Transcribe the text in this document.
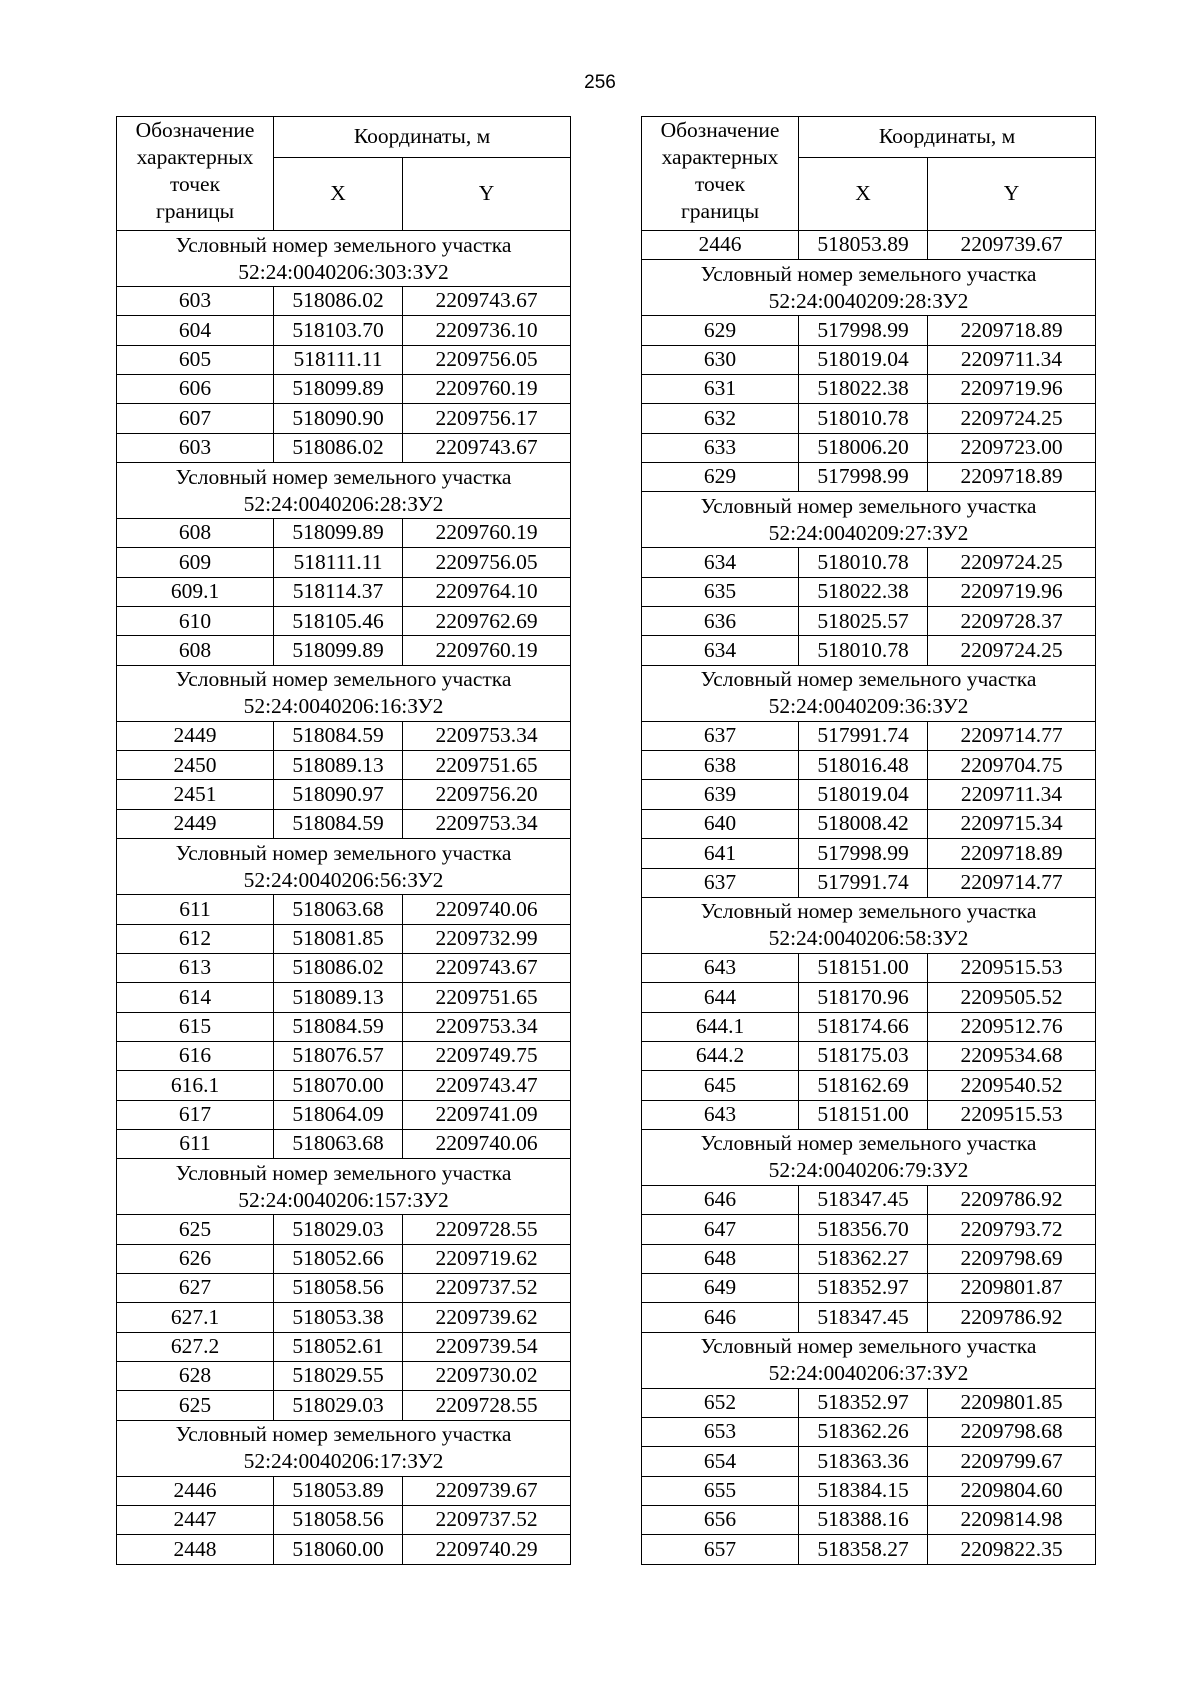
256
Обозначение
характерных
точек
границы	Координаты, м	
	X	Y

Условный номер земельного участка
52:24:0040206:303:ЗУ2		

603	518086.02	2209743.67
604	518103.70	2209736.10
605	518111.11	2209756.05
606	518099.89	2209760.19
607	518090.90	2209756.17
603	518086.02	2209743.67

Условный номер земельного участка
52:24:0040206:28:ЗУ2		

608	518099.89	2209760.19
609	518111.11	2209756.05
609.1	518114.37	2209764.10
610	518105.46	2209762.69
608	518099.89	2209760.19

Условный номер земельного участка
52:24:0040206:16:ЗУ2		

2449	518084.59	2209753.34
2450	518089.13	2209751.65
2451	518090.97	2209756.20
2449	518084.59	2209753.34

Условный номер земельного участка
52:24:0040206:56:ЗУ2		

611	518063.68	2209740.06
612	518081.85	2209732.99
613	518086.02	2209743.67
614	518089.13	2209751.65
615	518084.59	2209753.34
616	518076.57	2209749.75
616.1	518070.00	2209743.47
617	518064.09	2209741.09
611	518063.68	2209740.06

Условный номер земельного участка
52:24:0040206:157:ЗУ2		

625	518029.03	2209728.55
626	518052.66	2209719.62
627	518058.56	2209737.52
627.1	518053.38	2209739.62
627.2	518052.61	2209739.54
628	518029.55	2209730.02
625	518029.03	2209728.55

Условный номер земельного участка
52:24:0040206:17:ЗУ2		

2446	518053.89	2209739.67
2447	518058.56	2209737.52
2448	518060.00	2209740.29
Обозначение
характерных
точек
границы	Координаты, м	
	X	Y
2446	518053.89	2209739.67

Условный номер земельного участка
52:24:0040209:28:ЗУ2		

629	517998.99	2209718.89
630	518019.04	2209711.34
631	518022.38	2209719.96
632	518010.78	2209724.25
633	518006.20	2209723.00
629	517998.99	2209718.89

Условный номер земельного участка
52:24:0040209:27:ЗУ2		

634	518010.78	2209724.25
635	518022.38	2209719.96
636	518025.57	2209728.37
634	518010.78	2209724.25

Условный номер земельного участка
52:24:0040209:36:ЗУ2		

637	517991.74	2209714.77
638	518016.48	2209704.75
639	518019.04	2209711.34
640	518008.42	2209715.34
641	517998.99	2209718.89
637	517991.74	2209714.77

Условный номер земельного участка
52:24:0040206:58:ЗУ2		

643	518151.00	2209515.53
644	518170.96	2209505.52
644.1	518174.66	2209512.76
644.2	518175.03	2209534.68
645	518162.69	2209540.52
643	518151.00	2209515.53

Условный номер земельного участка
52:24:0040206:79:ЗУ2		

646	518347.45	2209786.92
647	518356.70	2209793.72
648	518362.27	2209798.69
649	518352.97	2209801.87
646	518347.45	2209786.92

Условный номер земельного участка
52:24:0040206:37:ЗУ2		

652	518352.97	2209801.85
653	518362.26	2209798.68
654	518363.36	2209799.67
655	518384.15	2209804.60
656	518388.16	2209814.98
657	518358.27	2209822.35
